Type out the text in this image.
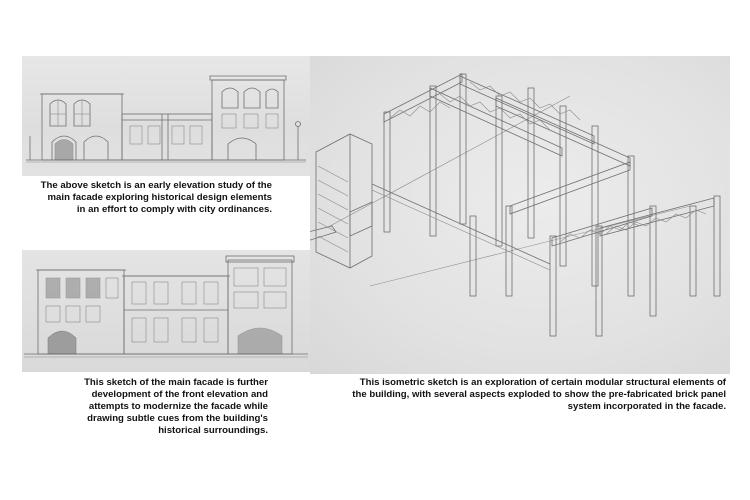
The above sketch is an early elevation study of the main facade exploring historical design elements in an effort to comply with city ordinances.
This sketch of the main facade is further development of the front elevation and attempts to modernize the facade while drawing subtle cues from the building's historical surroundings.
This isometric sketch is an exploration of certain modular structural elements of the building, with several aspects exploded to show the pre-fabricated brick panel system incorporated in the facade.
